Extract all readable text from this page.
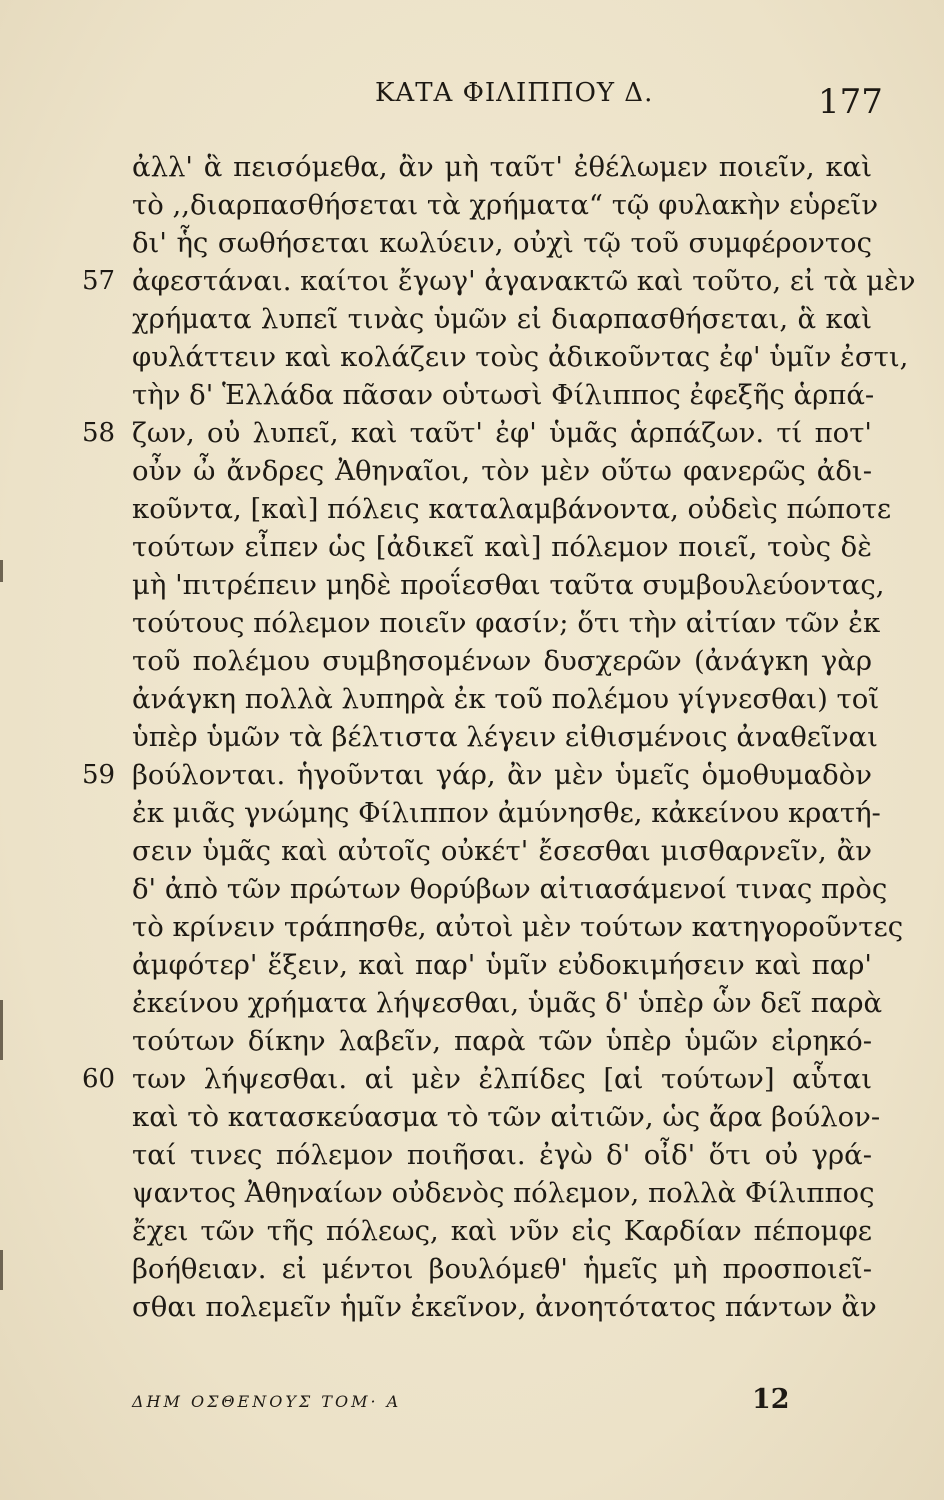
ΚΑΤΑ ΦΙΛΙΠΠΟΥ Δ.	177
ἀλλ' ἃ πεισόμεθα, ἂν μὴ ταῦτ' ἐθέλωμεν ποιεῖν, καὶ
τὸ ,,διαρπασθήσεται τὰ χρήματα“ τῷ φυλακὴν εὑρεῖν
δι' ἧς σωθήσεται κωλύειν, οὐχὶ τῷ τοῦ συμφέροντος
57 ἀφεστάναι. καίτοι ἔγωγ' ἀγανακτῶ καὶ τοῦτο, εἰ τὰ μὲν
χρήματα λυπεῖ τινὰς ὑμῶν εἰ διαρπασθήσεται, ἃ καὶ
φυλάττειν καὶ κολάζειν τοὺς ἀδικοῦντας ἐφ' ὑμῖν ἐστι,
τὴν δ' Ἑλλάδα πᾶσαν οὑτωσὶ Φίλιππος ἐφεξῆς ἁρπά-
58 ζων, οὐ λυπεῖ, καὶ ταῦτ' ἐφ' ὑμᾶς ἁρπάζων. τί ποτ'
οὖν ὦ ἄνδρες Ἀθηναῖοι, τὸν μὲν οὕτω φανερῶς ἀδι-
κοῦντα, [καὶ] πόλεις καταλαμβάνοντα, οὐδεὶς πώποτε
τούτων εἶπεν ὡς [ἀδικεῖ καὶ] πόλεμον ποιεῖ, τοὺς δὲ
μὴ 'πιτρέπειν μηδὲ προΐεσθαι ταῦτα συμβουλεύοντας,
τούτους πόλεμον ποιεῖν φασίν; ὅτι τὴν αἰτίαν τῶν ἐκ
τοῦ πολέμου συμβησομένων δυσχερῶν (ἀνάγκη γὰρ
ἀνάγκη πολλὰ λυπηρὰ ἐκ τοῦ πολέμου γίγνεσθαι) τοῖ
ὑπὲρ ὑμῶν τὰ βέλτιστα λέγειν εἰθισμένοις ἀναθεῖναι
59 βούλονται. ἡγοῦνται γάρ, ἂν μὲν ὑμεῖς ὁμοθυμαδὸν
ἐκ μιᾶς γνώμης Φίλιππον ἀμύνησθε, κἀκείνου κρατή-
σειν ὑμᾶς καὶ αὐτοῖς οὐκέτ' ἔσεσθαι μισθαρνεῖν, ἂν
δ' ἀπὸ τῶν πρώτων θορύβων αἰτιασάμενοί τινας πρὸς
τὸ κρίνειν τράπησθε, αὐτοὶ μὲν τούτων κατηγοροῦντες
ἀμφότερ' ἕξειν, καὶ παρ' ὑμῖν εὐδοκιμήσειν καὶ παρ'
ἐκείνου χρήματα λήψεσθαι, ὑμᾶς δ' ὑπὲρ ὧν δεῖ παρὰ
τούτων δίκην λαβεῖν, παρὰ τῶν ὑπὲρ ὑμῶν εἰρηκό-
60 των λήψεσθαι. αἱ μὲν ἐλπίδες [αἱ τούτων] αὗται
καὶ τὸ κατασκεύασμα τὸ τῶν αἰτιῶν, ὡς ἄρα βούλον-
ταί τινες πόλεμον ποιῆσαι. ἐγὼ δ' οἶδ' ὅτι οὐ γρά-
ψαντος Ἀθηναίων οὐδενὸς πόλεμον, πολλὰ Φίλιππος
ἔχει τῶν τῆς πόλεως, καὶ νῦν εἰς Καρδίαν πέπομφε
βοήθειαν. εἰ μέντοι βουλόμεθ' ἡμεῖς μὴ προσποιεῖ-
σθαι πολεμεῖν ἡμῖν ἐκεῖνον, ἀνοητότατος πάντων ἂν
ΔΗΜ ΟΣΘΕΝΟΥΣ ΤΟΜ· Α	12
